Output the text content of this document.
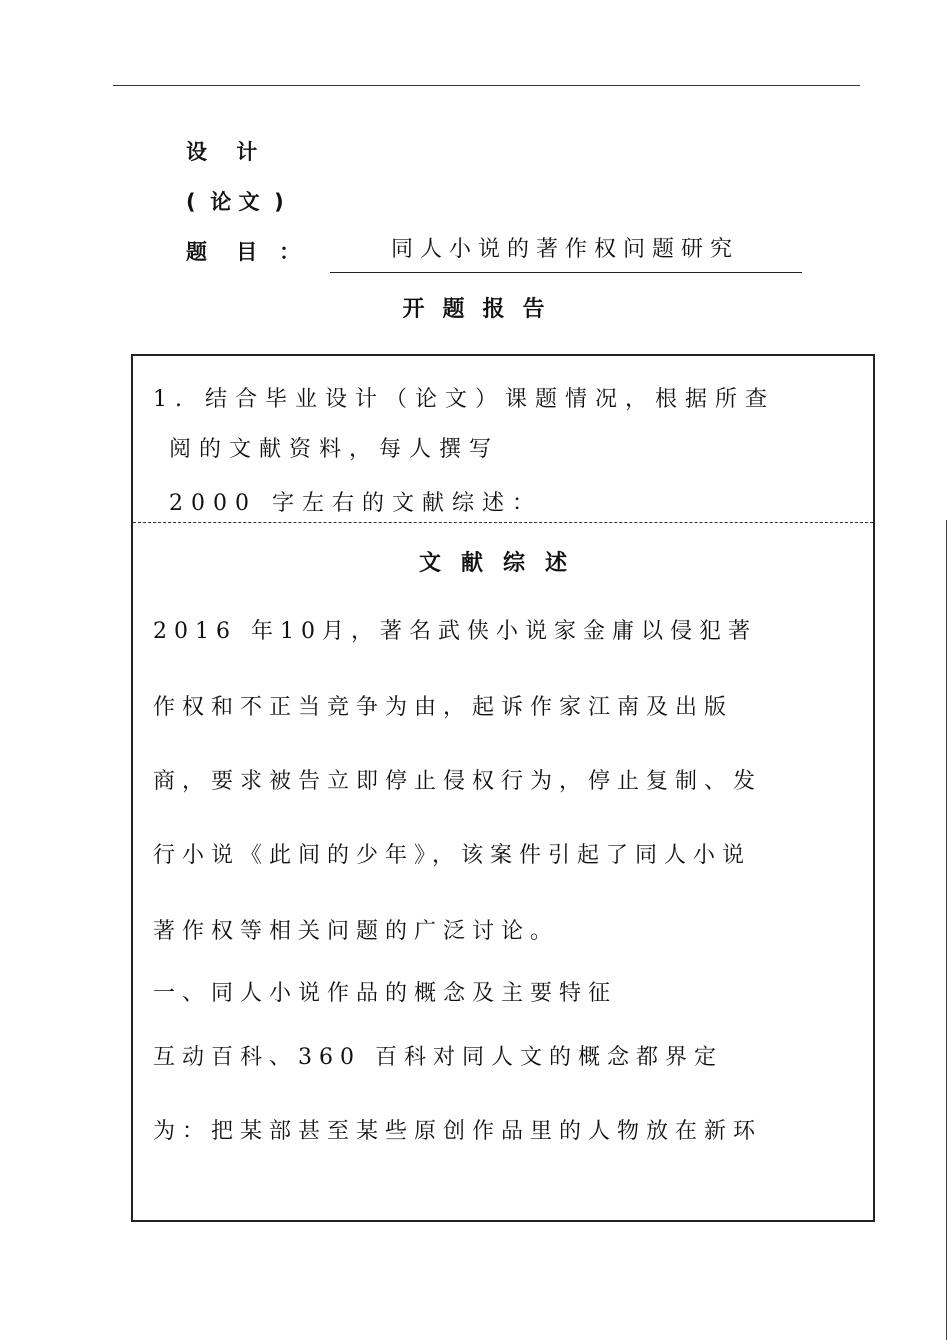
设    计
(  论 文  )
题    目   ：	同人小说的著作权问题研究
开题报告
1. 结合毕业设计（论文）课题情况，根据所查
阅的文献资料，每人撰写
2000 字左右的文献综述：
文献综述
2016 年10月，著名武侠小说家金庸以侵犯著
作权和不正当竞争为由，起诉作家江南及出版
商，要求被告立即停止侵权行为，停止复制、发
行小说《此间的少年》，该案件引起了同人小说
著作权等相关问题的广泛讨论。
一、同人小说作品的概念及主要特征
互动百科、360 百科对同人文的概念都界定
为：把某部甚至某些原创作品里的人物放在新环
